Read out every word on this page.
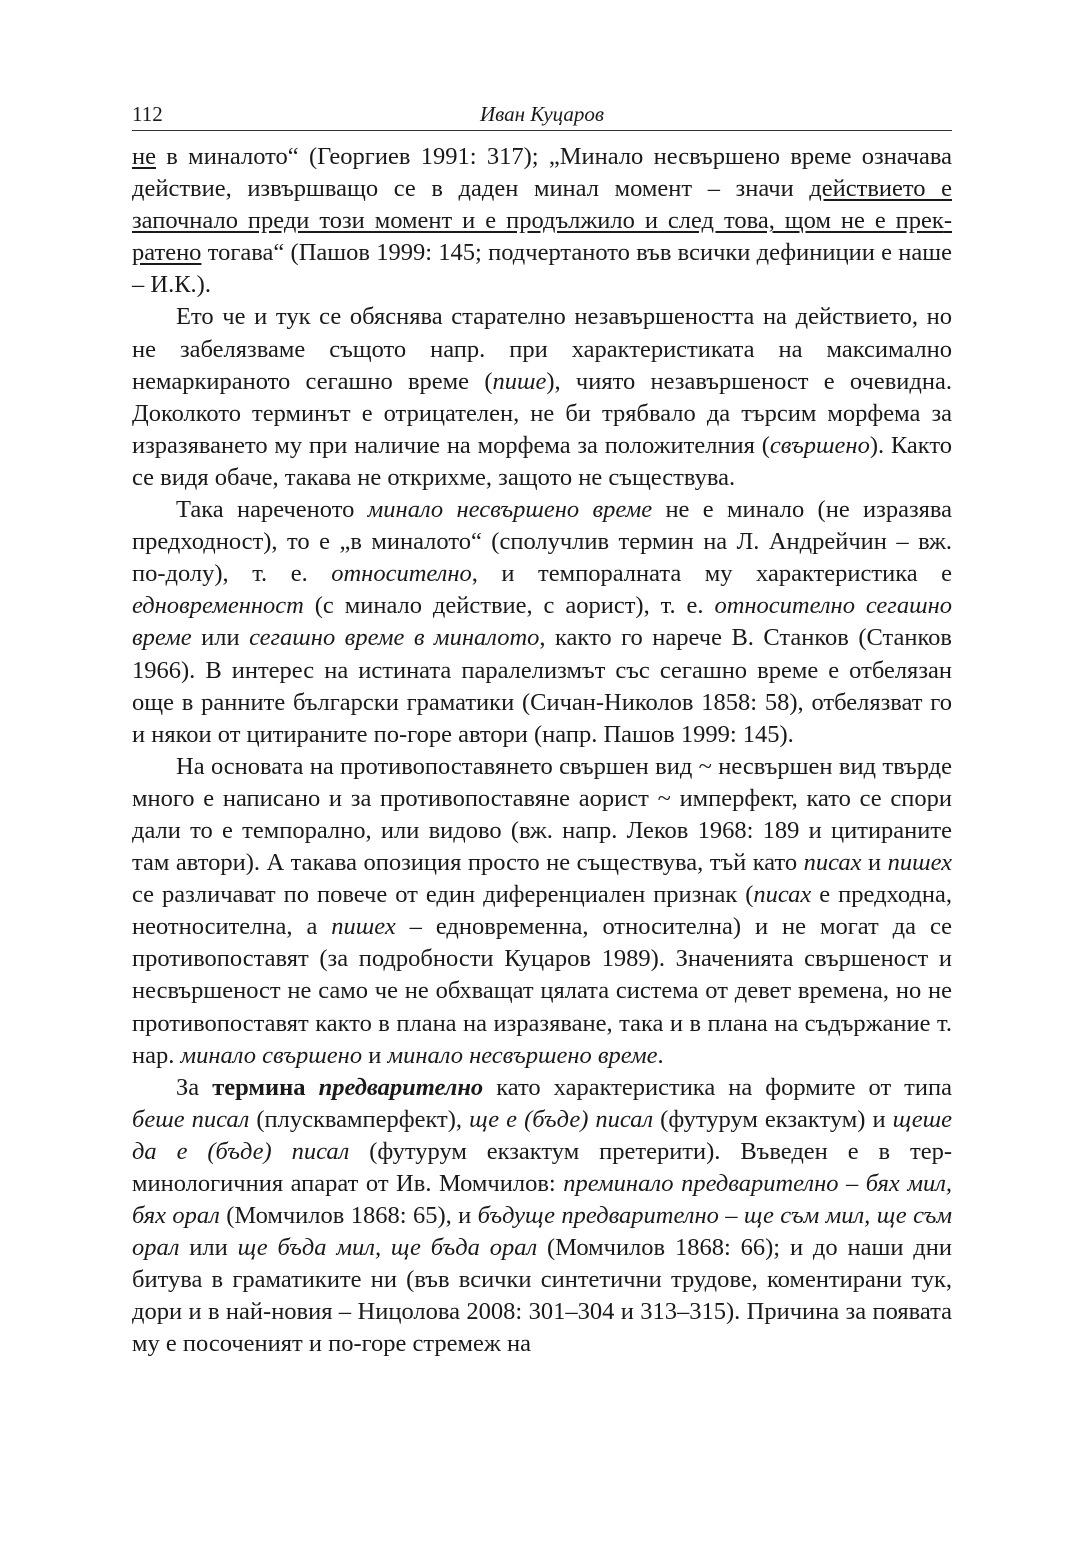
112	Иван Куцаров

не в миналото“ (Георгиев 1991: 317); „Минало несвършено време означава действие, извършващо се в даден минал момент – значи действието е започнало преди този момент и е продължило и след това, щом не е прекратено тогава“ (Пашов 1999: 145; подчертаното във всички дефиниции е наше – И.К.).

Ето че и тук се обяснява старателно незавършеността на действието, но не забелязваме същото напр. при характеристиката на максимално немаркираното сегашно време (пише), чиято незавършеност е очевидна. Доколкото терминът е отрицателен, не би трябвало да търсим морфема за изразяването му при наличие на морфема за положителния (свършено). Както се видя обаче, такава не открихме, защото не съществува.

Така нареченото минало несвършено време не е минало (не изразява предходност), то е „в миналото“ (сполучлив термин на Л. Андрейчин – вж. по-долу), т. е. относително, и темпоралната му характеристика е едновременност (с минало действие, с аорист), т. е. относително сегашно време или сегашно време в миналото, както го нарече В. Станков (Станков 1966). В интерес на истината паралелизмът със сегашно време е отбелязан още в ранните български граматики (Сичан-Николов 1858: 58), отбелязват го и някои от цитираните по-горе автори (напр. Пашов 1999: 145).

На основата на противопоставянето свършен вид ~ несвършен вид твърде много е написано и за противопоставяне аорист ~ имперфект, като се спори дали то е темпорално, или видово (вж. напр. Леков 1968: 189 и цитираните там автори). А такава опозиция просто не съществува, тъй като писах и пишех се различават по повече от един диференциален признак (писах е предходна, неотносителна, а пишех – едновременна, относителна) и не могат да се противопоставят (за подробности Куцаров 1989). Значенията свършеност и несвършеност не само че не обхващат цялата система от девет времена, но не противопоставят както в плана на изразяване, така и в плана на съдържание т. нар. минало свършено и минало несвършено време.

За термина предварително като характеристика на формите от типа беше писал (плусквамперфект), ще е (бъде) писал (футурум екзактум) и щеше да е (бъде) писал (футурум екзактум претерити). Въведен е в терминологичния апарат от Ив. Момчилов: преминало предварително – бях мил, бях орал (Момчилов 1868: 65), и бъдуще предварително – ще съм мил, ще съм орал или ще бъда мил, ще бъда орал (Момчилов 1868: 66); и до наши дни битува в граматиките ни (във всички синтетични трудове, коментирани тук, дори и в най-новия – Ницолова 2008: 301–304 и 313–315). Причина за появата му е посоченият и по-горе стремеж на
